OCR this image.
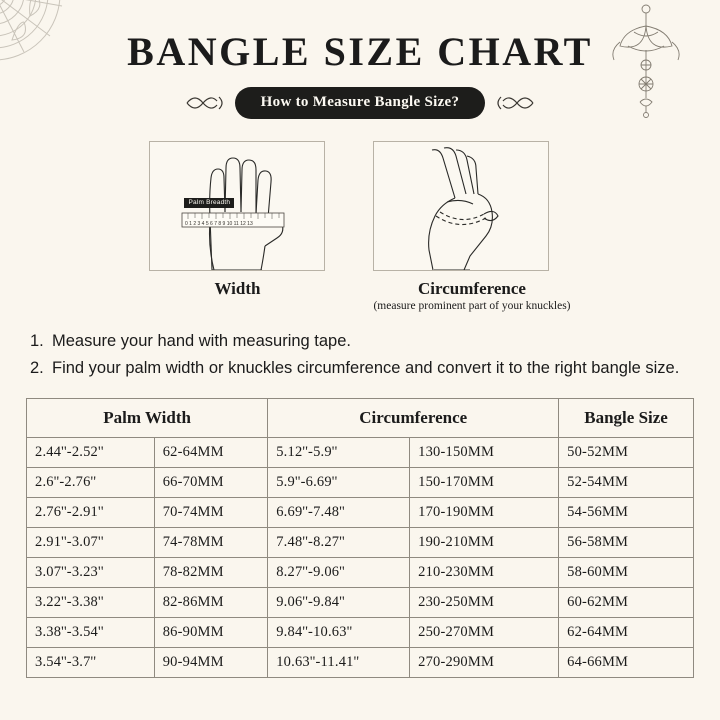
BANGLE SIZE CHART
How to Measure Bangle Size?
0 1 2 3 4 5 6 7 8 9 10 11 12 13
Palm Breadth
Width	Circumference
(measure prominent part of your knuckles)
1. Measure your hand with measuring tape.
2. Find your palm width or knuckles circumference and convert it to the right bangle size.
Palm Width		Circumference		Bangle Size
2.44''-2.52''	62-64MM	5.12''-5.9''	130-150MM	50-52MM
2.6''-2.76''	66-70MM	5.9''-6.69''	150-170MM	52-54MM
2.76''-2.91''	70-74MM	6.69''-7.48''	170-190MM	54-56MM
2.91''-3.07''	74-78MM	7.48''-8.27''	190-210MM	56-58MM
3.07''-3.23''	78-82MM	8.27''-9.06''	210-230MM	58-60MM
3.22''-3.38''	82-86MM	9.06''-9.84''	230-250MM	60-62MM
3.38''-3.54''	86-90MM	9.84''-10.63''	250-270MM	62-64MM
3.54''-3.7''	90-94MM	10.63''-11.41''	270-290MM	64-66MM
